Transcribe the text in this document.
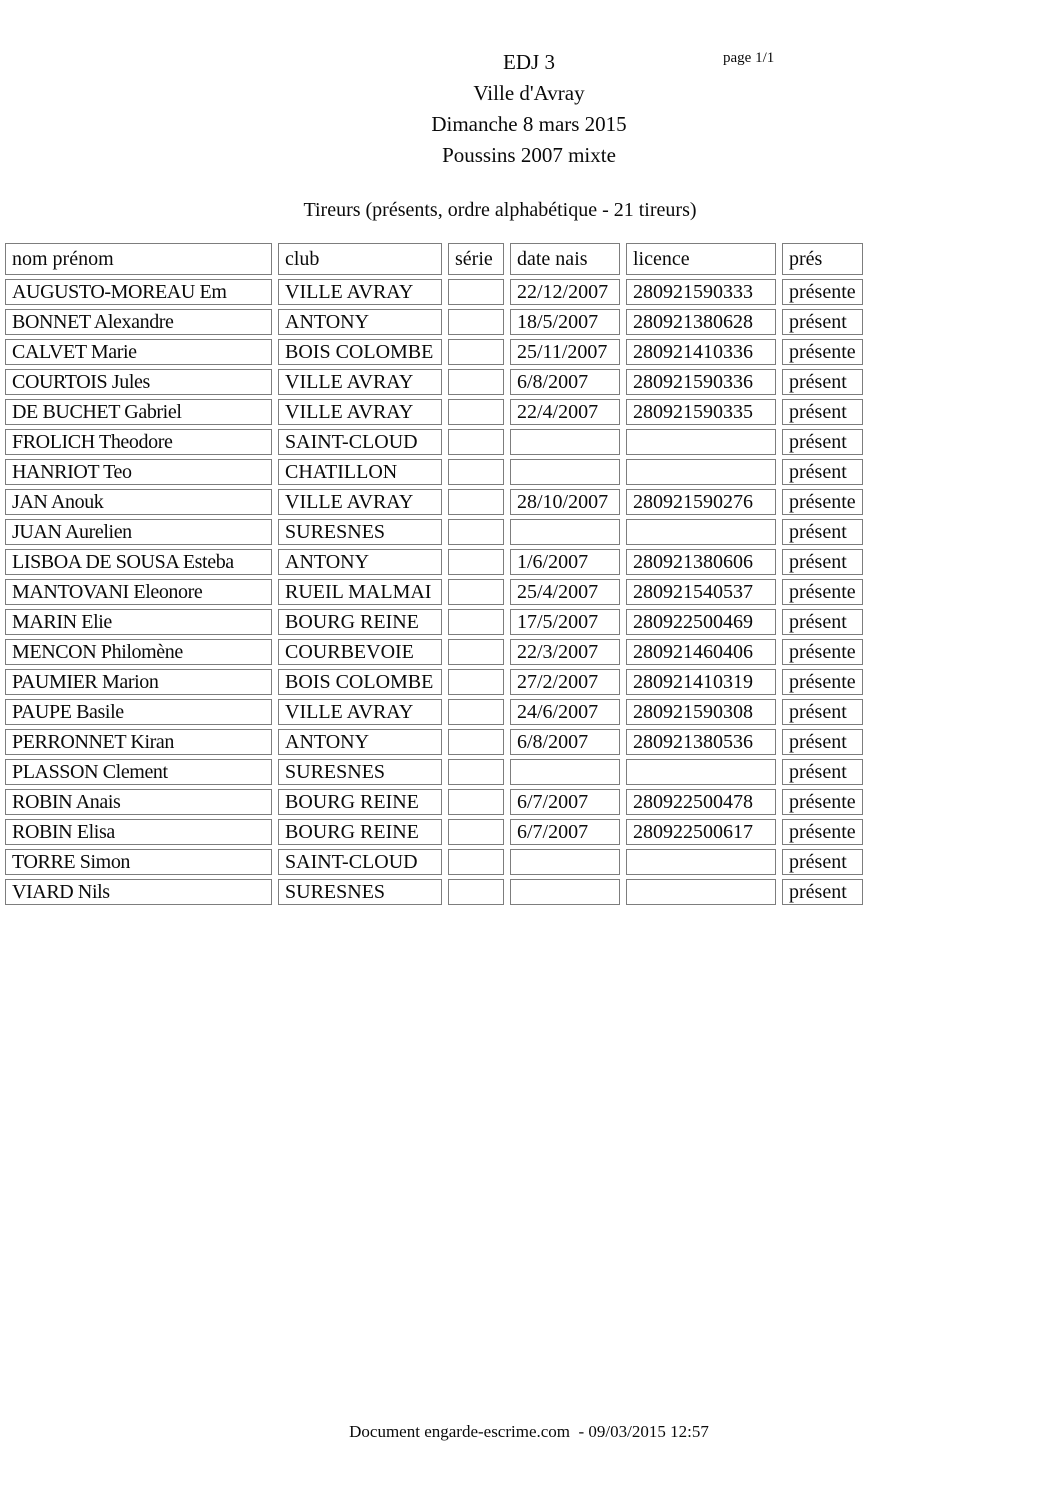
page 1/1
EDJ 3
Ville d'Avray
Dimanche 8 mars 2015
Poussins 2007 mixte
Tireurs (présents, ordre alphabétique - 21 tireurs)
nom prénom	club	série	date nais	licence	prés
AUGUSTO-MOREAU Em	VILLE AVRAY		22/12/2007	280921590333	présente
BONNET Alexandre	ANTONY		18/5/2007	280921380628	présent
CALVET Marie	BOIS COLOMBE		25/11/2007	280921410336	présente
COURTOIS Jules	VILLE AVRAY		6/8/2007	280921590336	présent
DE BUCHET Gabriel	VILLE AVRAY		22/4/2007	280921590335	présent
FROLICH Theodore	SAINT-CLOUD				présent
HANRIOT Teo	CHATILLON				présent
JAN Anouk	VILLE AVRAY		28/10/2007	280921590276	présente
JUAN Aurelien	SURESNES				présent
LISBOA DE SOUSA Esteba	ANTONY		1/6/2007	280921380606	présent
MANTOVANI Eleonore	RUEIL MALMAI		25/4/2007	280921540537	présente
MARIN Elie	BOURG REINE		17/5/2007	280922500469	présent
MENCON Philomène	COURBEVOIE		22/3/2007	280921460406	présente
PAUMIER Marion	BOIS COLOMBE		27/2/2007	280921410319	présente
PAUPE Basile	VILLE AVRAY		24/6/2007	280921590308	présent
PERRONNET Kiran	ANTONY		6/8/2007	280921380536	présent
PLASSON Clement	SURESNES				présent
ROBIN Anais	BOURG REINE		6/7/2007	280922500478	présente
ROBIN Elisa	BOURG REINE		6/7/2007	280922500617	présente
TORRE Simon	SAINT-CLOUD				présent
VIARD Nils	SURESNES				présent
Document engarde-escrime.com  - 09/03/2015 12:57
